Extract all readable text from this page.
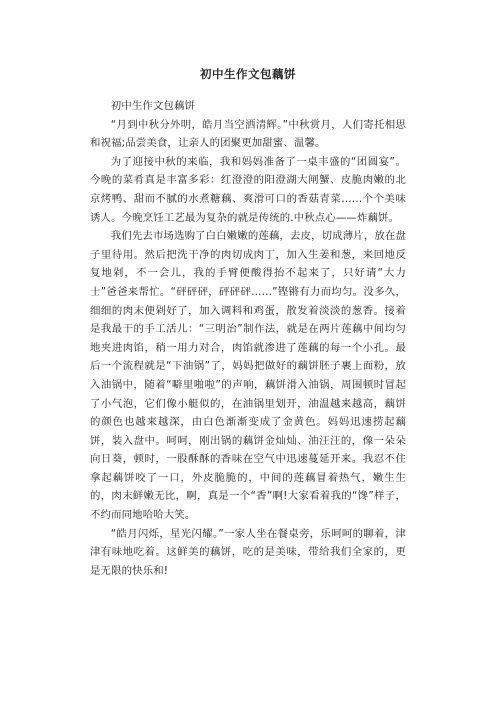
初中生作文包藕饼

初中生作文包藕饼

“月到中秋分外明，皓月当空洒清辉。”中秋赏月，人们寄托相思和祝福;品尝美食，让亲人的团聚更加甜蜜、温馨。

为了迎接中秋的来临，我和妈妈准备了一桌丰盛的“团圆宴”。今晚的菜肴真是丰富多彩：红澄澄的阳澄湖大闸蟹、皮脆肉嫩的北京烤鸭、甜而不腻的水煮糖藕、爽滑可口的香菇青菜……个个美味诱人。今晚烹饪工艺最为复杂的就是传统的.中秋点心——炸藕饼。

我们先去市场选购了白白嫩嫩的莲藕，去皮，切成薄片，放在盘子里待用。然后把洗干净的肉切成肉丁，加入生姜和葱，来回地反复地剁，不一会儿，我的手臂便酸得抬不起来了，只好请“大力士”爸爸来帮忙。“砰砰砰，砰砰砰……”铿锵有力而均匀。没多久，细细的肉末便剁好了，加入调料和鸡蛋，散发着淡淡的葱香。接着是我最干的手工活儿：“三明治”制作法，就是在两片莲藕中间均匀地夹进肉馅，稍一用力对合，肉馅就渗进了莲藕的每一个小孔。最后一个流程就是“下油锅”了，妈妈把做好的藕饼胚子裹上面粉，放入油锅中，随着“噼里啪啦”的声响，藕饼滑入油锅，周围顿时冒起了小气泡，它们像小艇似的，在油锅里划开，油温越来越高，藕饼的颜色也越来越深，由白色渐渐变成了金黄色。妈妈迅速捞起藕饼，装入盘中。呵呵，刚出锅的藕饼金灿灿、油汪汪的，像一朵朵向日葵，顿时，一股酥酥的香味在空气中迅速蔓延开来。我忍不住拿起藕饼咬了一口，外皮脆脆的，中间的莲藕冒着热气，嫩生生的，肉末鲜嫩无比，啊，真是一个“香”啊!大家看着我的“馋”样子，不约而同地哈哈大笑。

“皓月闪烁，星光闪耀。”一家人坐在餐桌旁，乐呵呵的聊着，津津有味地吃着。这鲜美的藕饼，吃的是美味，带给我们全家的，更是无限的快乐和!
